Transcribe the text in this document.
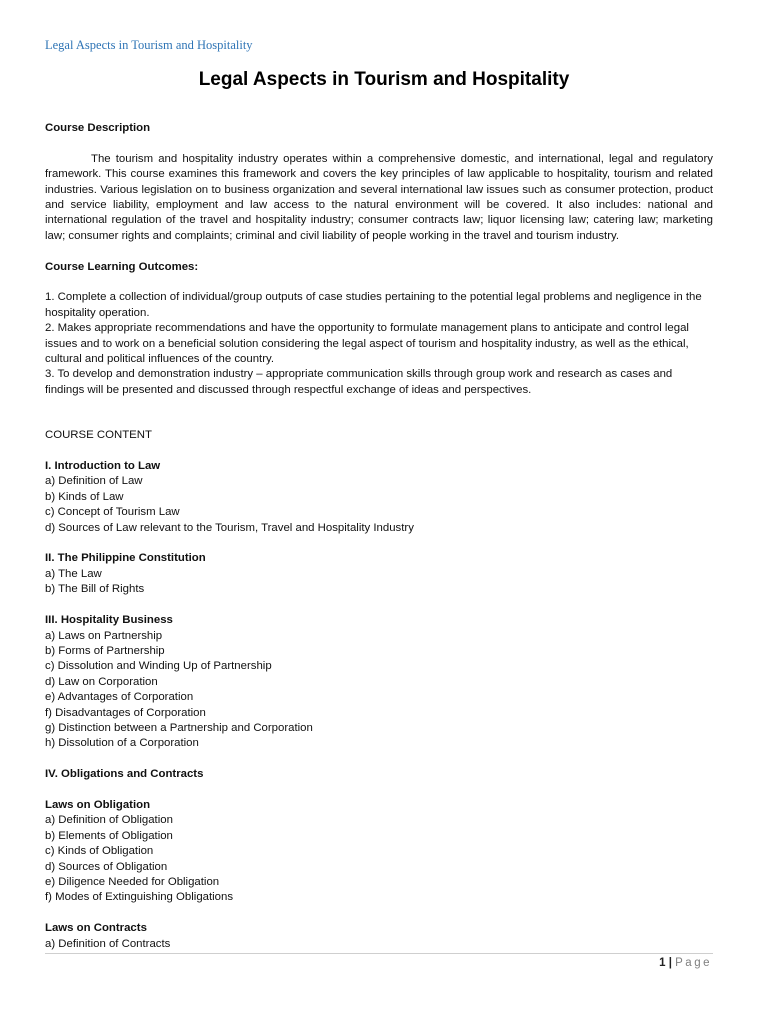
Legal Aspects in Tourism and Hospitality
Legal Aspects in Tourism and Hospitality

Course Description

The tourism and hospitality industry operates within a comprehensive domestic, and international, legal and regulatory framework. This course examines this framework and covers the key principles of law applicable to hospitality, tourism and related industries. Various legislation on to business organization and several international law issues such as consumer protection, product and service liability, employment and law access to the natural environment will be covered. It also includes: national and international regulation of the travel and hospitality industry; consumer contracts law; liquor licensing law; catering law; marketing law; consumer rights and complaints; criminal and civil liability of people working in the travel and tourism industry.

Course Learning Outcomes:

1. Complete a collection of individual/group outputs of case studies pertaining to the potential legal problems and negligence in the hospitality operation.

2. Makes appropriate recommendations and have the opportunity to formulate management plans to anticipate and control legal issues and to work on a beneficial solution considering the legal aspect of tourism and hospitality industry, as well as the ethical, cultural and political influences of the country.

3. To develop and demonstration industry – appropriate communication skills through group work and research as cases and findings will be presented and discussed through respectful exchange of ideas and perspectives.

COURSE CONTENT

I. Introduction to Law

a) Definition of Law

b) Kinds of Law

c) Concept of Tourism Law

d) Sources of Law relevant to the Tourism, Travel and Hospitality Industry

II. The Philippine Constitution

a) The Law

b) The Bill of Rights

III. Hospitality Business

a) Laws on Partnership

b) Forms of Partnership

c) Dissolution and Winding Up of Partnership

d) Law on Corporation

e) Advantages of Corporation

f) Disadvantages of Corporation

g) Distinction between a Partnership and Corporation

h) Dissolution of a Corporation

IV. Obligations and Contracts

Laws on Obligation

a) Definition of Obligation

b) Elements of Obligation

c) Kinds of Obligation

d) Sources of Obligation

e) Diligence Needed for Obligation

f) Modes of Extinguishing Obligations

Laws on Contracts

a) Definition of Contracts

1 | Page
